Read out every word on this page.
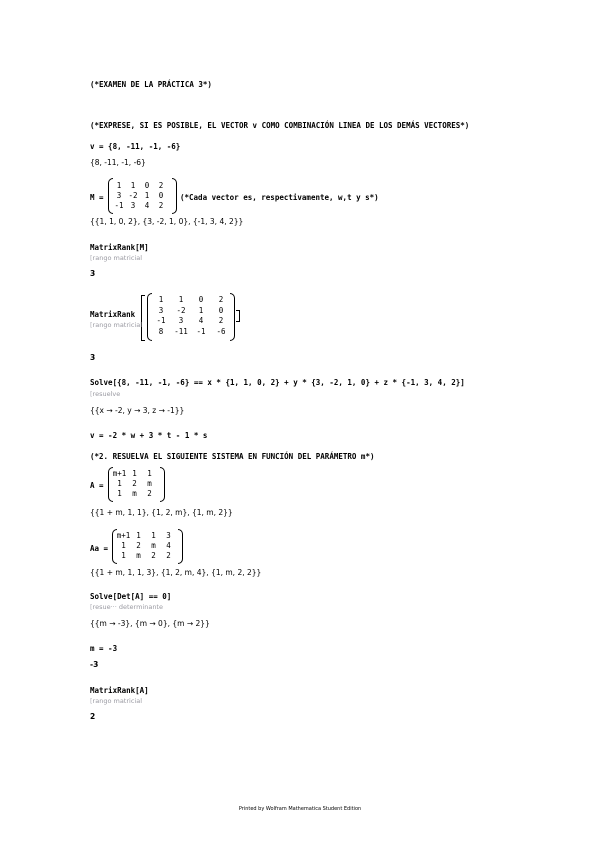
(*EXAMEN DE LA PRÁCTICA 3*)
(*EXPRESE, SI ES POSIBLE, EL VECTOR v COMO COMBINACIÓN LINEA DE LOS DEMÁS VECTORES*)
v = {8, -11, -1, -6}
{8, -11, -1, -6}
M =
1	1	0	2
3 -2 1	0
-1 3	4	2
(*Cada vector es, respectivamente, w,t y s*)
{{1, 1, 0, 2}, {3, -2, 1, 0}, {-1, 3, 4, 2}}
MatrixRank[M]
[ rango matricial
3
MatrixRank
1	1	0	2
3	-2	1	0
-1	3	4	2
8	-11	-1	-6
[ rango matricial
3
Solve[{8, -11, -1, -6} == x * {1, 1, 0, 2} + y * {3, -2, 1, 0} + z * {-1, 3, 4, 2}]
[ resuelve
{{x → -2, y → 3, z → -1}}
v = -2 * w + 3 * t - 1 * s
(*2. RESUELVA EL SIGUIENTE SISTEMA EN FUNCIÓN DEL PARÁMETRO m*)
A =
m+1 1	1
1	2	m
1	m	2
{{1 + m, 1, 1}, {1, 2, m}, {1, m, 2}}
Aa =
m+1 1	1	3
1	2	m	4
1	m	2	2
{{1 + m, 1, 1, 3}, {1, 2, m, 4}, {1, m, 2, 2}}
Solve[Det[A] == 0]
[ resue··· determinante
{{m → -3}, {m → 0}, {m → 2}}
m = -3
-3
MatrixRank[A]
[ rango matricial
2
Printed by Wolfram Mathematica Student Edition
